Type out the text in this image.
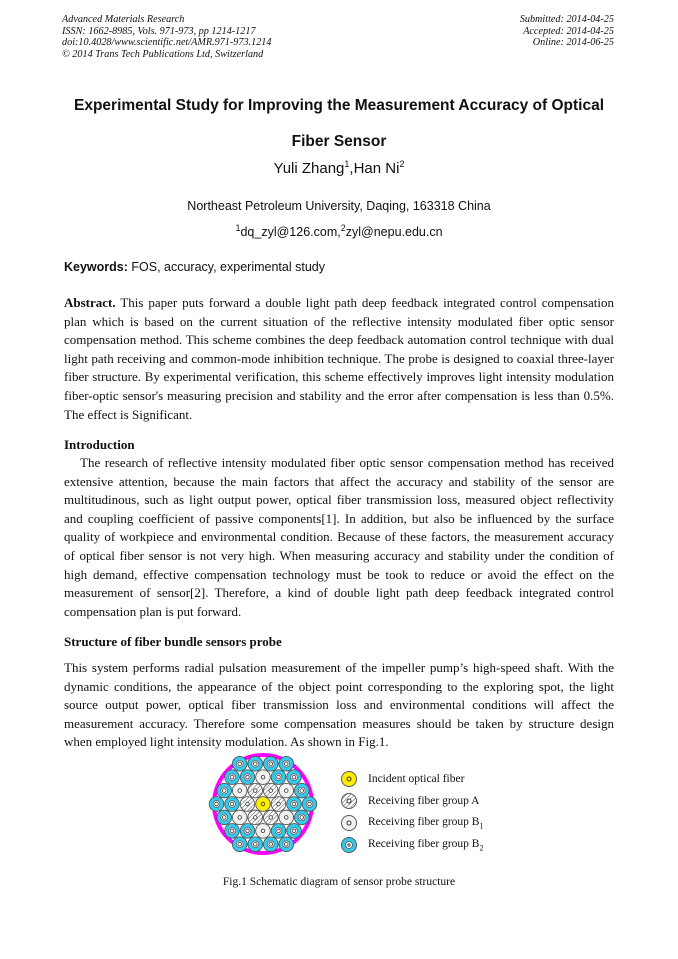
Advanced Materials Research
ISSN: 1662-8985, Vols. 971-973, pp 1214-1217
doi:10.4028/www.scientific.net/AMR.971-973.1214
© 2014 Trans Tech Publications Ltd, Switzerland
Submitted: 2014-04-25
Accepted: 2014-04-25
Online: 2014-06-25
Experimental Study for Improving the Measurement Accuracy of Optical
Fiber Sensor
Yuli Zhang$^1$,Han Ni$^2$
Northeast Petroleum University, Daqing, 163318 China
$^1$dq_zyl@126.com,$^2$zyl@nepu.edu.cn
Keywords: FOS, accuracy, experimental study
Abstract. This paper puts forward a double light path deep feedback integrated control compensation plan which is based on the current situation of the reflective intensity modulated fiber optic sensor compensation method. This scheme combines the deep feedback automation control technique with dual light path receiving and common-mode inhibition technique. The probe is designed to coaxial three-layer fiber structure. By experimental verification, this scheme effectively improves light intensity modulation fiber-optic sensor's measuring precision and stability and the error after compensation is less than 0.5%. The effect is Significant.
Introduction
The research of reflective intensity modulated fiber optic sensor compensation method has received extensive attention, because the main factors that affect the accuracy and stability of the sensor are multitudinous, such as light output power, optical fiber transmission loss, measured object reflectivity and coupling coefficient of passive components[1]. In addition, but also be influenced by the surface quality of workpiece and environmental condition. Because of these factors, the measurement accuracy of optical fiber sensor is not very high. When measuring accuracy and stability under the condition of high demand, effective compensation technology must be took to reduce or avoid the effect on the measurement of sensor[2]. Therefore, a kind of double light path deep feedback integrated control compensation plan is put forward.
Structure of fiber bundle sensors probe
This system performs radial pulsation measurement of the impeller pump’s high-speed shaft. With the dynamic conditions, the appearance of the object point corresponding to the exploring spot, the light source output power, optical fiber transmission loss and environmental conditions will affect the measurement accuracy. Therefore some compensation measures should be taken by structure design when employed light intensity modulation. As shown in Fig.1.
Incident optical fiber
Receiving fiber group A
Receiving fiber group $B_1$
Receiving fiber group $B_2$
Fig.1 Schematic diagram of sensor probe structure
